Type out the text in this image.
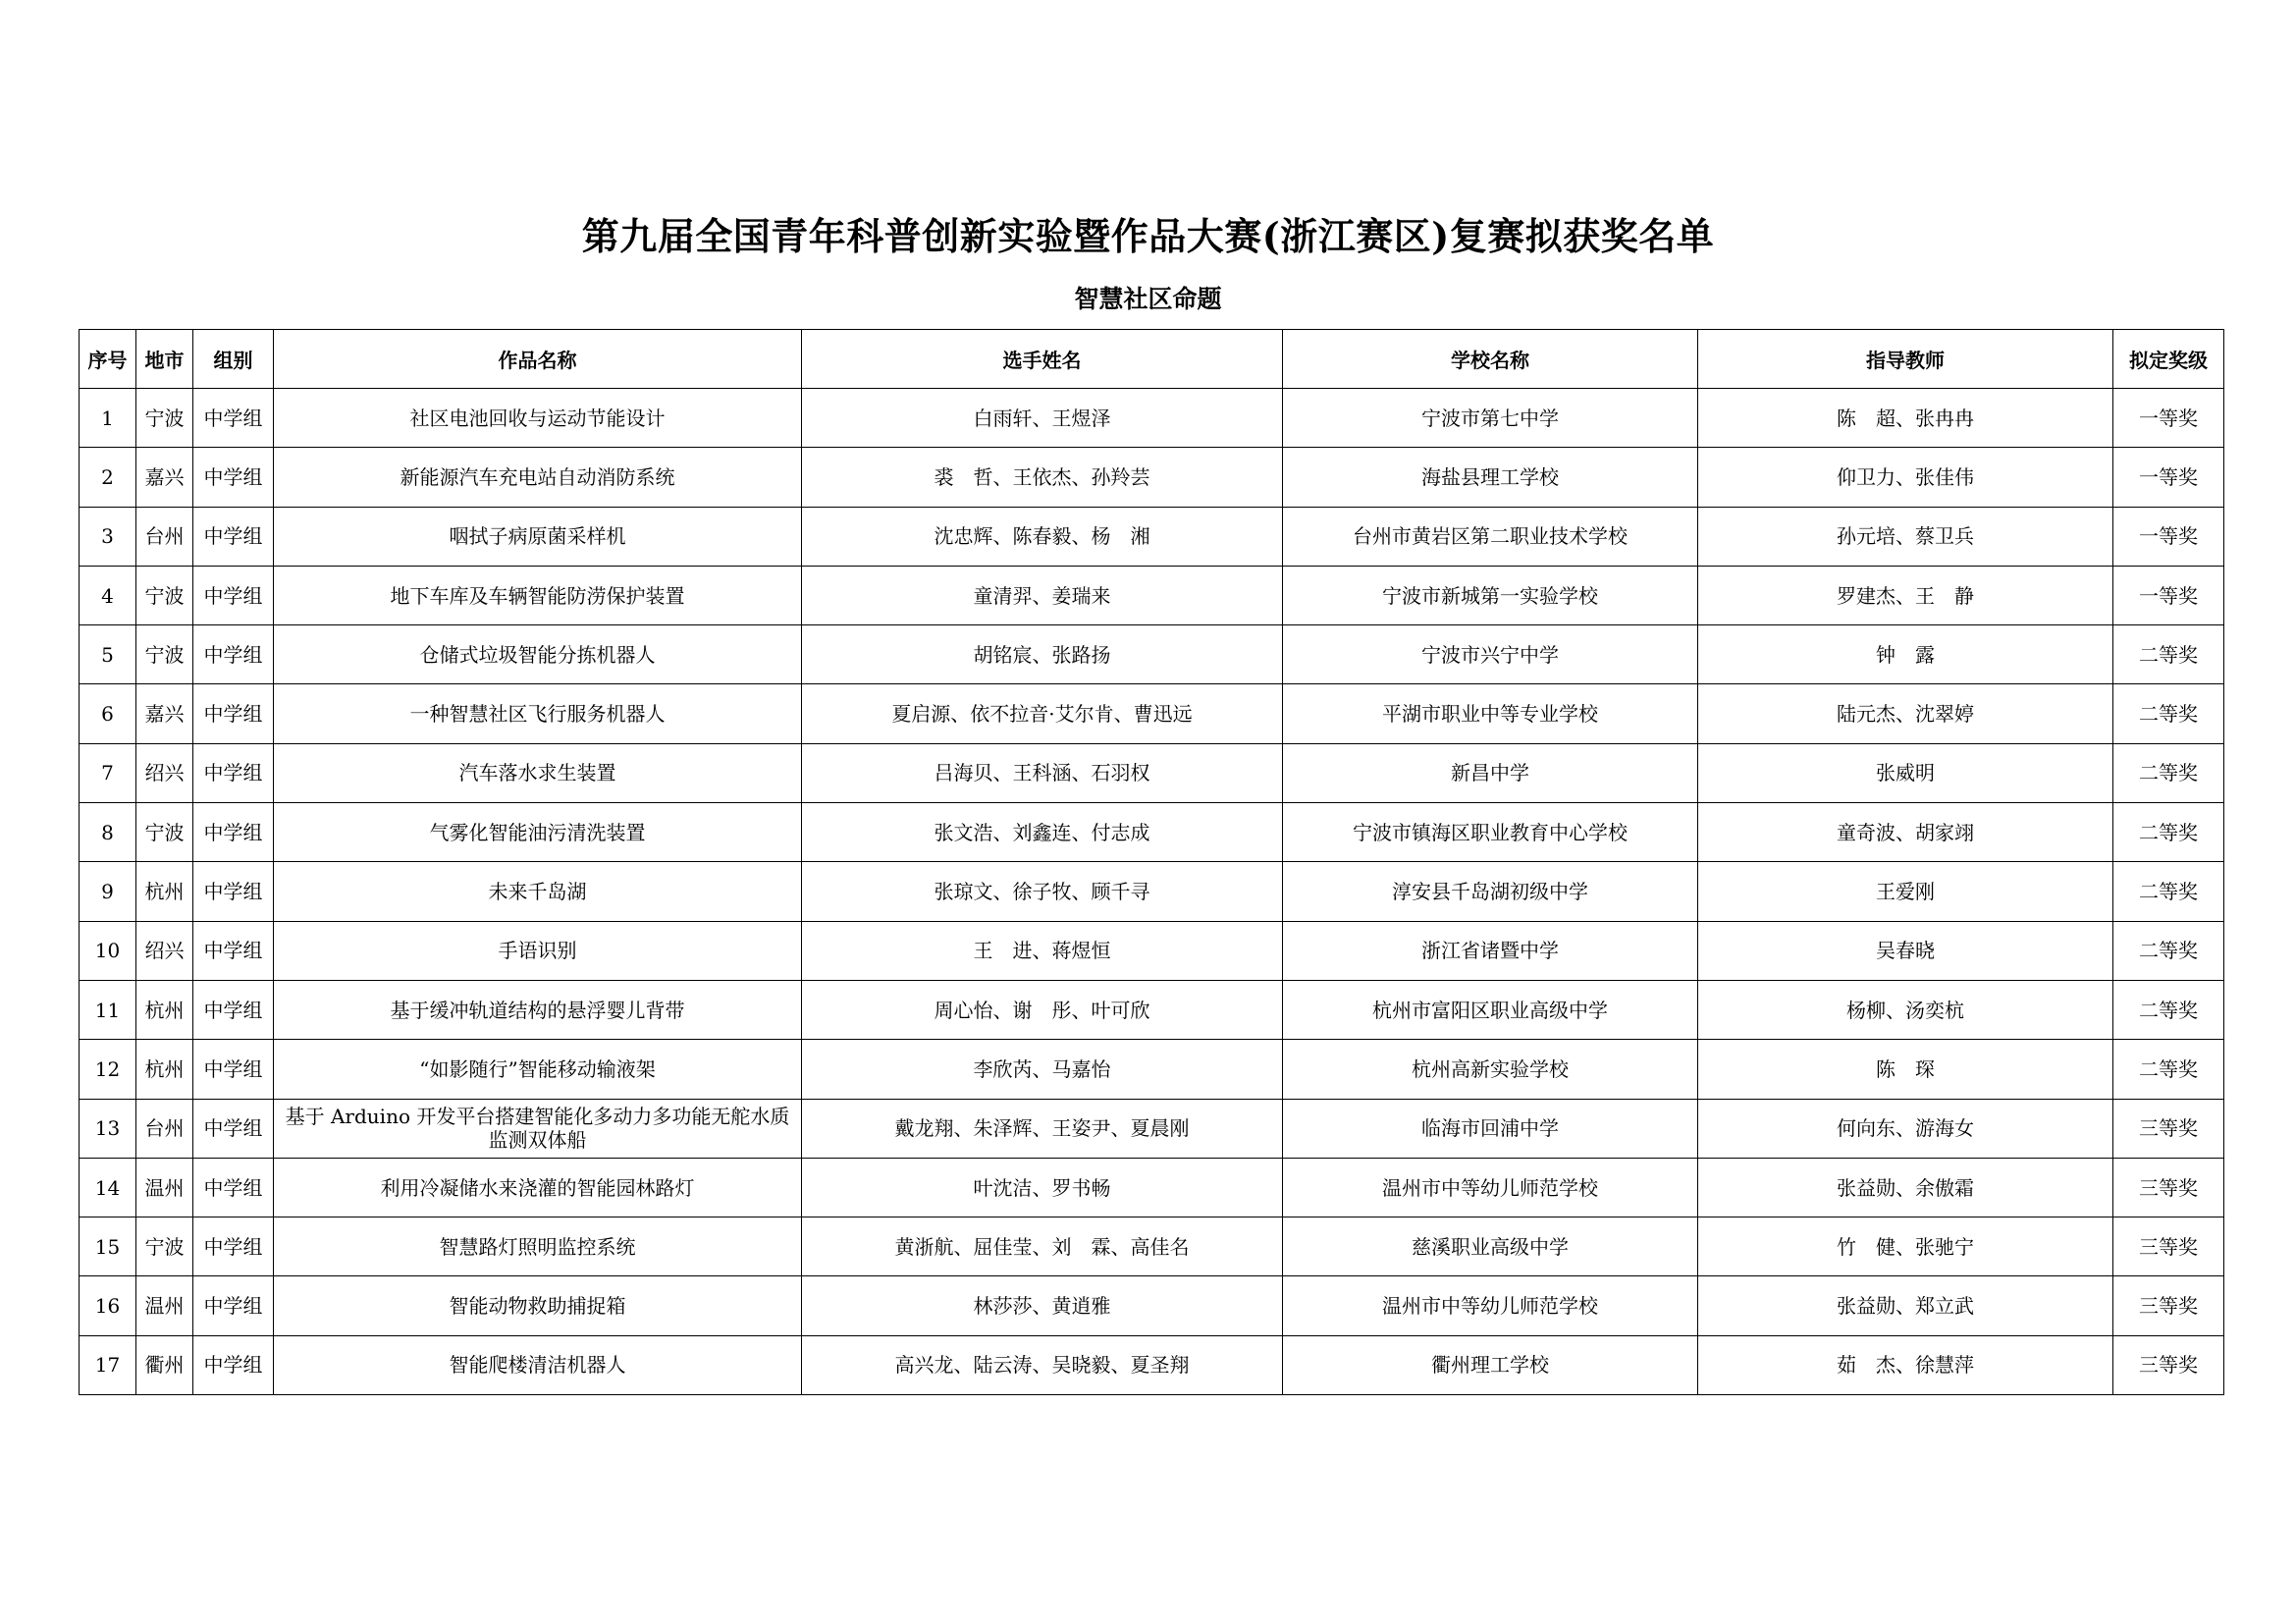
第九届全国青年科普创新实验暨作品大赛(浙江赛区)复赛拟获奖名单
智慧社区命题
序号	地市	组别	作品名称	选手姓名	学校名称	指导教师	拟定奖级
1	宁波	中学组	社区电池回收与运动节能设计	白雨轩、王煜泽	宁波市第七中学	陈　超、张冉冉	一等奖
2	嘉兴	中学组	新能源汽车充电站自动消防系统	裘　哲、王依杰、孙羚芸	海盐县理工学校	仰卫力、张佳伟	一等奖
3	台州	中学组	咽拭子病原菌采样机	沈忠辉、陈春毅、杨　湘	台州市黄岩区第二职业技术学校	孙元培、蔡卫兵	一等奖
4	宁波	中学组	地下车库及车辆智能防涝保护装置	童清羿、姜瑞来	宁波市新城第一实验学校	罗建杰、王　静	一等奖
5	宁波	中学组	仓储式垃圾智能分拣机器人	胡铭宸、张路扬	宁波市兴宁中学	钟　露	二等奖
6	嘉兴	中学组	一种智慧社区飞行服务机器人	夏启源、依不拉音·艾尔肯、曹迅远	平湖市职业中等专业学校	陆元杰、沈翠婷	二等奖
7	绍兴	中学组	汽车落水求生装置	吕海贝、王科涵、石羽权	新昌中学	张威明	二等奖
8	宁波	中学组	气雾化智能油污清洗装置	张文浩、刘鑫连、付志成	宁波市镇海区职业教育中心学校	童奇波、胡家翊	二等奖
9	杭州	中学组	未来千岛湖	张琼文、徐子牧、顾千寻	淳安县千岛湖初级中学	王爱刚	二等奖
10	绍兴	中学组	手语识别	王　进、蒋煜恒	浙江省诸暨中学	吴春晓	二等奖
11	杭州	中学组	基于缓冲轨道结构的悬浮婴儿背带	周心怡、谢　彤、叶可欣	杭州市富阳区职业高级中学	杨柳、汤奕杭	二等奖
12	杭州	中学组	“如影随行”智能移动输液架	李欣芮、马嘉怡	杭州高新实验学校	陈　琛	二等奖
13	台州	中学组	基于 Arduino 开发平台搭建智能化多动力多功能无舵水质监测双体船	戴龙翔、朱泽辉、王姿尹、夏晨刚	临海市回浦中学	何向东、游海女	三等奖
14	温州	中学组	利用冷凝储水来浇灌的智能园林路灯	叶沈洁、罗书畅	温州市中等幼儿师范学校	张益勋、余傲霜	三等奖
15	宁波	中学组	智慧路灯照明监控系统	黄浙航、屈佳莹、刘　霖、高佳名	慈溪职业高级中学	竹　健、张驰宁	三等奖
16	温州	中学组	智能动物救助捕捉箱	林莎莎、黄逍雅	温州市中等幼儿师范学校	张益勋、郑立武	三等奖
17	衢州	中学组	智能爬楼清洁机器人	高兴龙、陆云涛、吴晓毅、夏圣翔	衢州理工学校	茹　杰、徐慧萍	三等奖
